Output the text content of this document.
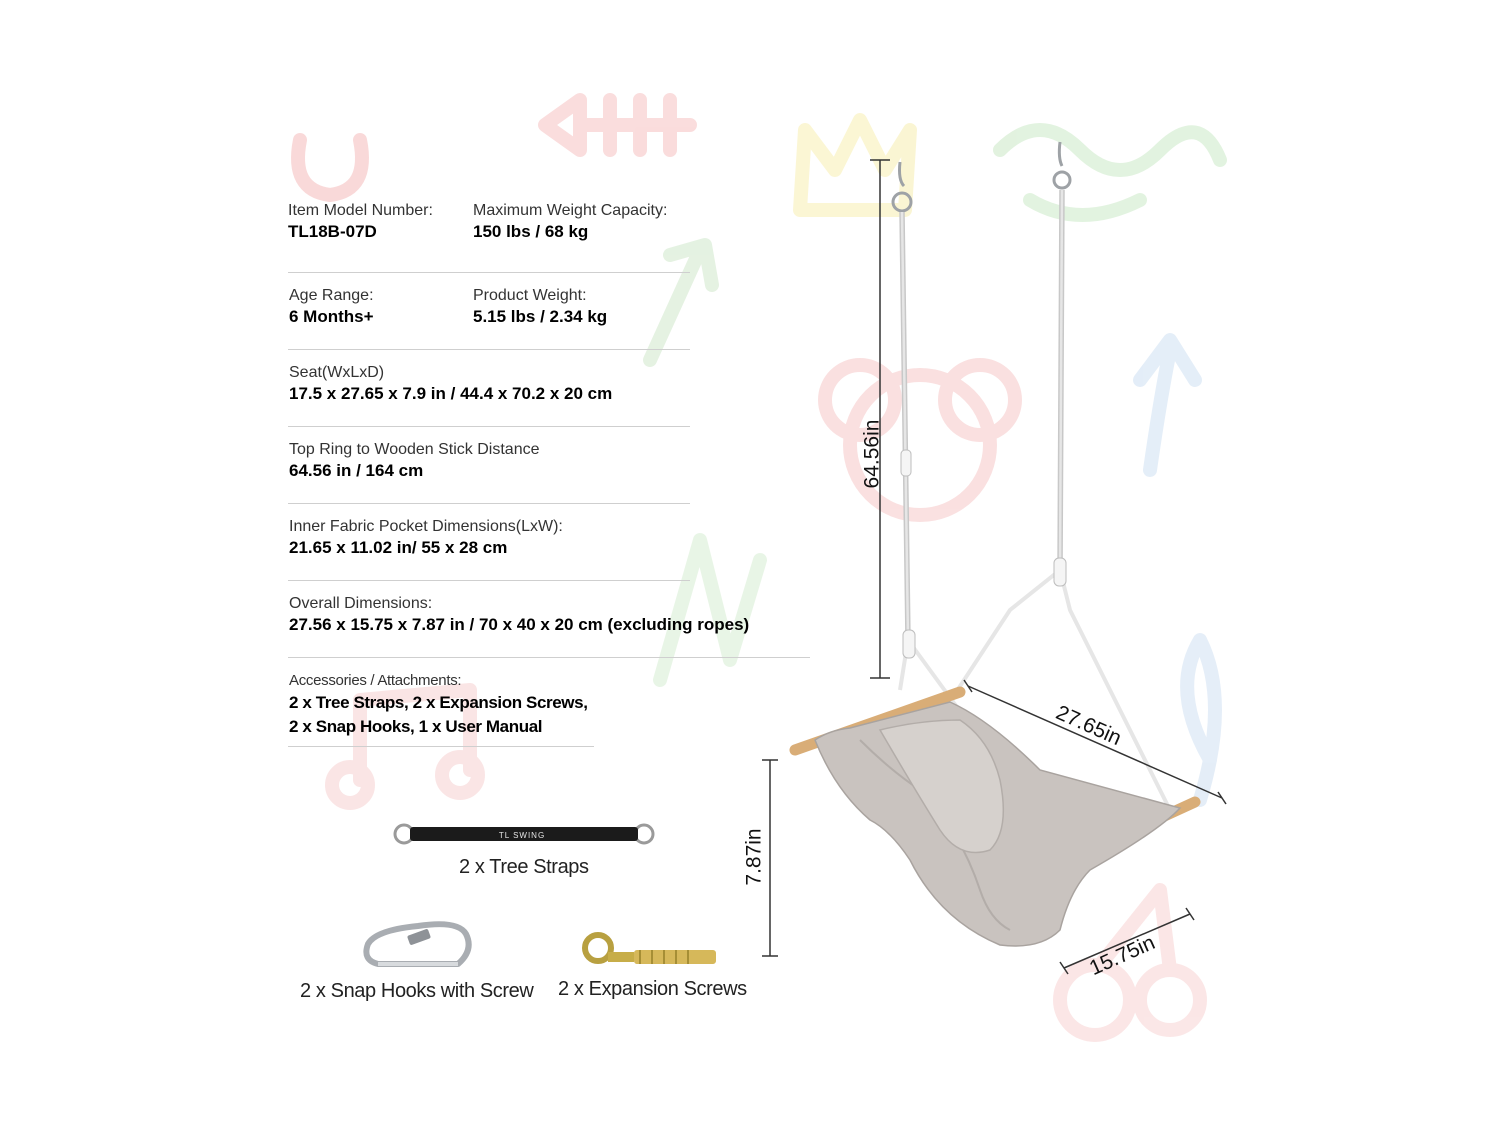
Item Model Number:
TL18B-07D
Maximum Weight Capacity:
150 lbs / 68 kg
Age Range:
6 Months+
Product Weight:
5.15 lbs / 2.34 kg
Seat(WxLxD)
17.5 x 27.65 x 7.9 in / 44.4 x 70.2 x 20 cm
Top Ring to Wooden Stick Distance
64.56 in / 164 cm
Inner Fabric Pocket Dimensions(LxW):
21.65 x 11.02 in/ 55 x 28 cm
Overall Dimensions:
27.56 x 15.75 x 7.87 in / 70 x 40 x 20 cm (excluding ropes)
Accessories / Attachments:
2 x Tree Straps, 2 x Expansion Screws,
2 x Snap Hooks, 1 x User Manual
TL SWING
2 x Tree Straps
2 x Snap Hooks with Screw 2 x Expansion Screws
64.56in
27.65in
7.87in
15.75in
